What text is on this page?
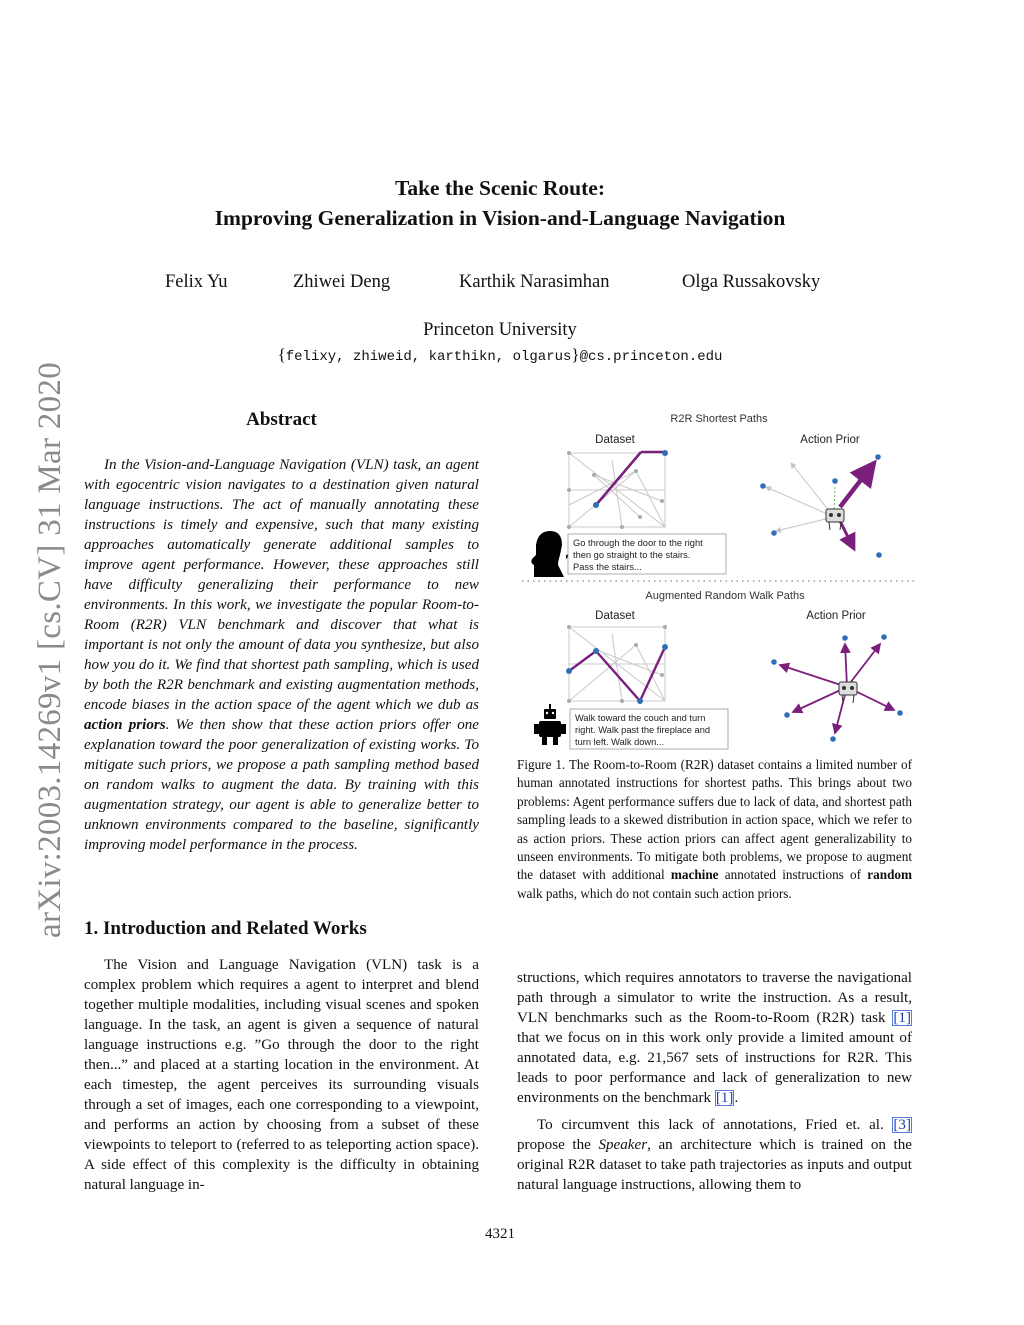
Take the Scenic Route:
Improving Generalization in Vision-and-Language Navigation
Felix Yu	Zhiwei Deng	Karthik Narasimhan	Olga Russakovsky
Princeton University
{felixy, zhiweid, karthikn, olgarus}@cs.princeton.edu
arXiv:2003.14269v1 [cs.CV] 31 Mar 2020	Abstract
In the Vision-and-Language Navigation (VLN) task, an agent with egocentric vision navigates to a destination given natural language instructions. The act of manually annotating these instructions is timely and expensive, such that many existing approaches automatically generate additional samples to improve agent performance. However, these approaches still have difficulty generalizing their performance to new environments. In this work, we investigate the popular Room-to-Room (R2R) VLN benchmark and discover that what is important is not only the amount of data you synthesize, but also how you do it. We find that shortest path sampling, which is used by both the R2R benchmark and existing augmentation methods, encode biases in the action space of the agent which we dub as action priors. We then show that these action priors offer one explanation toward the poor generalization of existing works. To mitigate such priors, we propose a path sampling method based on random walks to augment the data. By training with this augmentation strategy, our agent is able to generalize better to unknown environments compared to the baseline, significantly improving model performance in the process.
1. Introduction and Related Works
The Vision and Language Navigation (VLN) task is a complex problem which requires a agent to interpret and blend together multiple modalities, including visual scenes and spoken language. In the task, an agent is given a sequence of natural language instructions e.g. ”Go through the door to the right then...” and placed at a starting location in the environment. At each timestep, the agent perceives its surrounding visuals through a set of images, each one corresponding to a viewpoint, and performs an action by choosing from a subset of these viewpoints to teleport to (referred to as teleporting action space). A side effect of this complexity is the difficulty in obtaining natural language in-
structions, which requires annotators to traverse the navigational path through a simulator to write the instruction. As a result, VLN benchmarks such as the Room-to-Room (R2R) task [1] that we focus on in this work only provide a limited amount of annotated data, e.g. 21,567 sets of instructions for R2R. This leads to poor performance and lack of generalization to new environments on the benchmark [1].
To circumvent this lack of annotations, Fried et. al. [3] propose the Speaker, an architecture which is trained on the original R2R dataset to take path trajectories as inputs and output natural language instructions, allowing them to
R2R Shortest Paths
Dataset	Action Prior
Go through the door to the right
then go straight to the stairs.
Pass the stairs...
Augmented Random Walk Paths
Dataset	Action Prior
Walk toward the couch and turn
right. Walk past the fireplace and
turn left. Walk down...
Figure 1. The Room-to-Room (R2R) dataset contains a limited number of human annotated instructions for shortest paths. This brings about two problems: Agent performance suffers due to lack of data, and shortest path sampling leads to a skewed distribution in action space, which we refer to as action priors. These action priors can affect agent generalizability to unseen environments. To mitigate both problems, we propose to augment the dataset with additional machine annotated instructions of random walk paths, which do not contain such action priors.
4321
